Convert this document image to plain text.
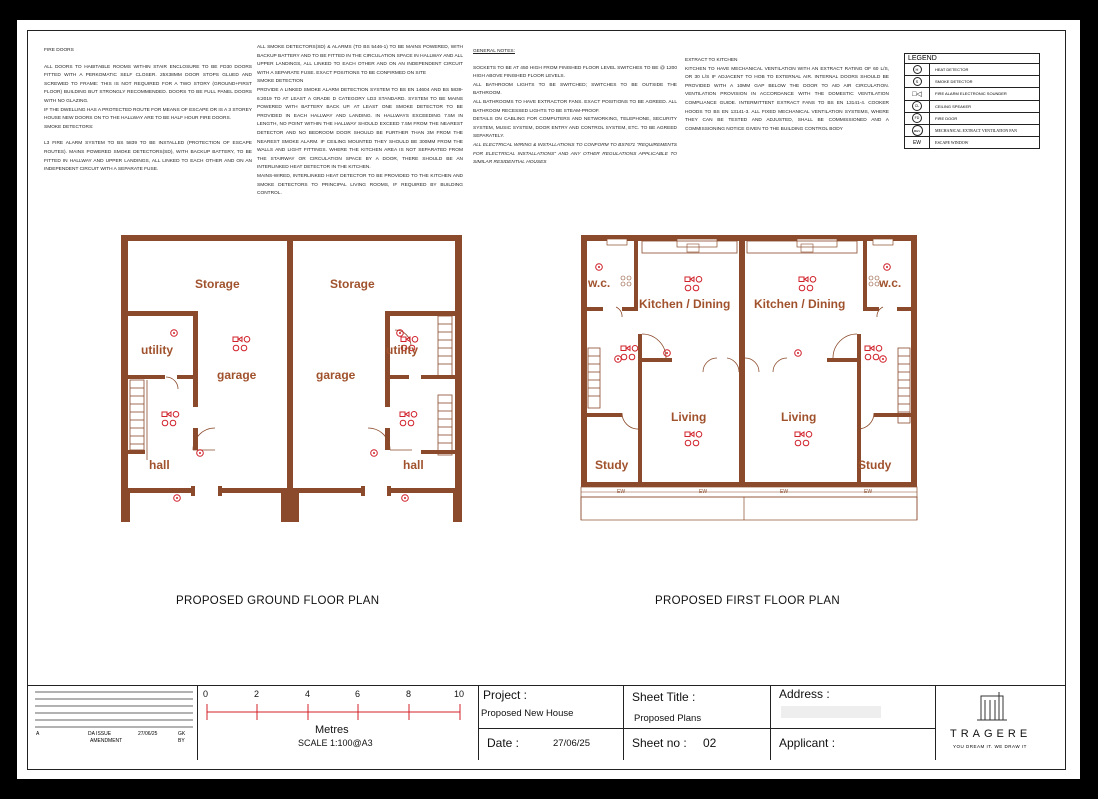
FIRE DOORS

ALL DOORS TO HABITABLE ROOMS WITHIN STAIR ENCLOSURE TO BE FD30 DOORS FITTED WITH A PERKOMATIC SELF CLOSER. 25X38MM DOOR STOPS GLUED AND SCREWED TO FRAME: THIS IS NOT REQUIRED FOR A TWO STORY (GROUND+FIRST FLOOR) BUILDING BUT STRONGLY RECOMMENDED. DOORS TO BE FULL PANEL DOORS WITH NO GLAZING.

IF THE DWELLING HAS A PROTECTED ROUTE FOR MEANS OF ESCAPE OR IS A 3 STOREY HOUSE NEW DOORS ON TO THE HALLWAY ARE TO BE HALF HOUR FIRE DOORS.

SMOKE DETECTORS:

L3 FIRE ALARM SYSTEM TO BS 5839 TO BE INSTALLED (PROTECTION OF ESCAPE ROUTES). MAINS POWERED SMOKE DETECTORS(SD), WITH BACKUP BATTERY, TO BE FITTED IN HALLWAY AND UPPER LANDINGS, ALL LINKED TO EACH OTHER AND ON AN INDEPENDENT CIRCUIT WITH A SEPARATE FUSE.

ALL SMOKE DETECTORS(SD) & ALARMS (TO BS 5446-1) TO BE MAINS POWERED, WITH BACKUP BATTERY AND TO BE FITTED IN THE CIRCULATION SPACE IN HALLWAY AND ALL UPPER LANDINGS, ALL LINKED TO EACH OTHER AND ON AN INDEPENDENT CIRCUIT WITH A SEPARATE FUSE. EXACT POSITIONS TO BE CONFIRMED ON SITE

SMOKE DETECTION

PROVIDE A LINKED SMOKE ALARM DETECTION SYSTEM TO BS EN 14604 AND BS 5839-6:2019 TO AT LEAST A GRADE D CATEGORY LD3 STANDARD. SYSTEM TO BE MAINS POWERED WITH BATTERY BACK UP. AT LEAST ONE SMOKE DETECTOR TO BE PROVIDED IN EACH HALLWAY AND LANDING. IN HALLWAYS EXCEEDING 7.5M IN LENGTH, NO POINT WITHIN THE HALLWAY SHOULD EXCEED 7.5M FROM THE NEAREST DETECTOR AND NO BEDROOM DOOR SHOULD BE FURTHER THAN 3M FROM THE NEAREST SMOKE ALARM. IF CEILING MOUNTED THEY SHOULD BE 300MM FROM THE WALLS AND LIGHT FITTINGS. WHERE THE KITCHEN AREA IS NOT SEPARATED FROM THE STAIRWAY OR CIRCULATION SPACE BY A DOOR, THERE SHOULD BE AN INTERLINKED HEAT DETECTOR IN THE KITCHEN.

MAINS-WIRED, INTERLINKED HEAT DETECTOR TO BE PROVIDED TO THE KITCHEN AND SMOKE DETECTORS TO PRINCIPAL LIVING ROOMS, IF REQUIRED BY BUILDING CONTROL.

GENERAL NOTES:

SOCKETS TO BE AT 450 HIGH FROM FINISHED FLOOR LEVEL SWITCHES TO BE @ 1200 HIGH ABOVE FINISHED FLOOR LEVELS.

ALL BATHROOM LIGHTS TO BE SWITCHED; SWITCHES TO BE OUTSIDE THE BATHROOM.

ALL BATHROOMS TO HAVE EXTRACTOR FANS. EXACT POSITIONS TO BE AGREED. ALL BATHROOM RECESSED LIGHTS TO BE STEAM-PROOF.

DETAILS ON CABLING FOR COMPUTERS AND NETWORKING, TELEPHONE, SECURITY SYSTEM, MUSIC SYSTEM, DOOR ENTRY AND CONTROL SYSTEM, ETC. TO BE AGREED SEPARATELY.

ALL ELECTRICAL WIRING & INSTALLATIONS TO CONFORM TO BS7671 "REQUIREMENTS FOR ELECTRICAL INSTALLATIONS" AND ANY OTHER REGULATIONS APPLICABLE TO SIMILAR RESIDENTIAL HOUSES

EXTRACT TO KITCHEN

KITCHEN TO HAVE MECHANICAL VENTILATION WITH AN EXTRACT RATING OF 60 L/S, OR 30 L/S IF ADJACENT TO HOB TO EXTERNAL AIR. INTERNAL DOORS SHOULD BE PROVIDED WITH A 10MM GAP BELOW THE DOOR TO AID AIR CIRCULATION. VENTILATION PROVISION IN ACCORDANCE WITH THE DOMESTIC VENTILATION COMPLIANCE GUIDE. INTERMITTENT EXTRACT FANS TO BS EN 13141-4. COOKER HOODS TO BS EN 13141-3. ALL FIXED MECHANICAL VENTILATION SYSTEMS, WHERE THEY CAN BE TESTED AND ADJUSTED, SHALL BE COMMISSIONED AND A COMMISSIONING NOTICE GIVEN TO THE BUILDING CONTROL BODY

LEGEND
H	HEAT DETECTOR
S	SMOKE DETECTOR
□◁	FIRE ALARM ELECTRONIC SOUNDER
CL	CEILING SPEAKER
FD	FIRE DOOR
MEV	MECHANICAL EXTRACT VENTILATION FAN
EW	ESCAPE WINDOW
Storage	Storage
utility
garage	garage
utility
hall	hall
w.c.
Kitchen / Dining Kitchen / Dining
w.c.
Living	Living
Study	Study
EW	EW	EW	EW
PROPOSED GROUND FLOOR PLAN	PROPOSED FIRST FLOOR PLAN
A	DA ISSUE	27/06/25	GK
AMENDMENT	BY
0	2	4	6	8	10
Metres
SCALE 1:100@A3
Project :
Proposed New House
Date :	27/06/25
Sheet Title :
Proposed Plans
Sheet no : 02
Address :
Applicant :
TRAGERE
YOU DREAM IT. WE DRAW IT
